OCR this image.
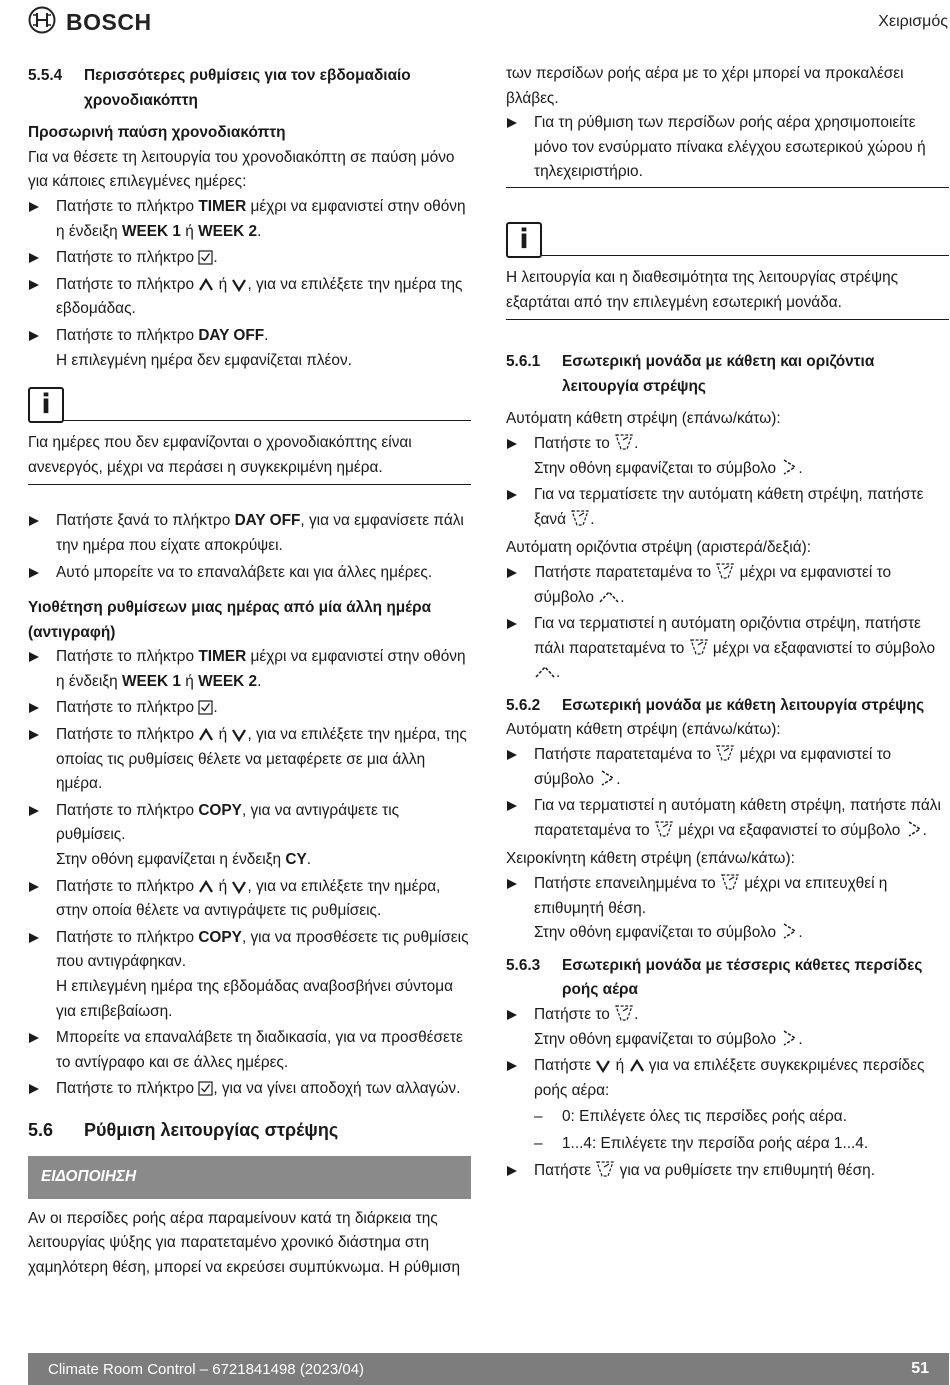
BOSCH	Χειρισμός
5.5.4	Περισσότερες ρυθμίσεις για τον εβδομαδιαίο χρονοδιακόπτη

Προσωρινή παύση χρονοδιακόπτη

Για να θέσετε τη λειτουργία του χρονοδιακόπτη σε παύση μόνο για κάποιες επιλεγμένες ημέρες:

Πατήστε το πλήκτρο TIMER μέχρι να εμφανιστεί στην οθόνη η ένδειξη WEEK 1 ή WEEK 2.
Πατήστε το πλήκτρο
.
Πατήστε το πλήκτρο
ή
, για να επιλέξετε την ημέρα της εβδομάδας.
Πατήστε το πλήκτρο DAY OFF.
Η επιλεγμένη ημέρα δεν εμφανίζεται πλέον.
i
Για ημέρες που δεν εμφανίζονται ο χρονοδιακόπτης είναι ανενεργός, μέχρι να περάσει η συγκεκριμένη ημέρα.
Πατήστε ξανά το πλήκτρο DAY OFF, για να εμφανίσετε πάλι την ημέρα που είχατε αποκρύψει.
Αυτό μπορείτε να το επαναλάβετε και για άλλες ημέρες.

Υιοθέτηση ρυθμίσεων μιας ημέρας από μία άλλη ημέρα (αντιγραφή)

Πατήστε το πλήκτρο TIMER μέχρι να εμφανιστεί στην οθόνη η ένδειξη WEEK 1 ή WEEK 2.
Πατήστε το πλήκτρο
.
Πατήστε το πλήκτρο
ή
, για να επιλέξετε την ημέρα, της οποίας τις ρυθμίσεις θέλετε να μεταφέρετε σε μια άλλη ημέρα.
Πατήστε το πλήκτρο COPY, για να αντιγράψετε τις ρυθμίσεις.
Στην οθόνη εμφανίζεται η ένδειξη CY.
Πατήστε το πλήκτρο
ή
, για να επιλέξετε την ημέρα, στην οποία θέλετε να αντιγράψετε τις ρυθμίσεις.
Πατήστε το πλήκτρο COPY, για να προσθέσετε τις ρυθμίσεις που αντιγράφηκαν.
Η επιλεγμένη ημέρα της εβδομάδας αναβοσβήνει σύντομα για επιβεβαίωση.
Μπορείτε να επαναλάβετε τη διαδικασία, για να προσθέσετε το αντίγραφο και σε άλλες ημέρες.
Πατήστε το πλήκτρο
, για να γίνει αποδοχή των αλλαγών.
5.6	Ρύθμιση λειτουργίας στρέψης
ΕΙΔΟΠΟΙΗΣΗ

Αν οι περσίδες ροής αέρα παραμείνουν κατά τη διάρκεια της λειτουργίας ψύξης για παρατεταμένο χρονικό διάστημα στη χαμηλότερη θέση, μπορεί να εκρεύσει συμπύκνωμα. Η ρύθμιση

των περσίδων ροής αέρα με το χέρι μπορεί να προκαλέσει βλάβες.

Για τη ρύθμιση των περσίδων ροής αέρα χρησιμοποιείτε μόνο τον ενσύρματο πίνακα ελέγχου εσωτερικού χώρου ή τηλεχειριστήριο.
i
Η λειτουργία και η διαθεσιμότητα της λειτουργίας στρέψης εξαρτάται από την επιλεγμένη εσωτερική μονάδα.
5.6.1	Εσωτερική μονάδα με κάθετη και οριζόντια λειτουργία στρέψης

Αυτόματη κάθετη στρέψη (επάνω/κάτω):

Πατήστε το
.
Στην οθόνη εμφανίζεται το σύμβολο
.
Για να τερματίσετε την αυτόματη κάθετη στρέψη, πατήστε ξανά
.

Αυτόματη οριζόντια στρέψη (αριστερά/δεξιά):

Πατήστε παρατεταμένα το
μέχρι να εμφανιστεί το σύμβολο
.
Για να τερματιστεί η αυτόματη οριζόντια στρέψη, πατήστε πάλι παρατεταμένα το
μέχρι να εξαφανιστεί το σύμβολο
.
5.6.2	Εσωτερική μονάδα με κάθετη λειτουργία στρέψης

Αυτόματη κάθετη στρέψη (επάνω/κάτω):

Πατήστε παρατεταμένα το
μέχρι να εμφανιστεί το σύμβολο
.
Για να τερματιστεί η αυτόματη κάθετη στρέψη, πατήστε πάλι παρατεταμένα το
μέχρι να εξαφανιστεί το σύμβολο
.

Χειροκίνητη κάθετη στρέψη (επάνω/κάτω):

Πατήστε επανειλημμένα το
μέχρι να επιτευχθεί η επιθυμητή θέση.
Στην οθόνη εμφανίζεται το σύμβολο
.
5.6.3	Εσωτερική μονάδα με τέσσερις κάθετες περσίδες ροής αέρα
Πατήστε το
.
Στην οθόνη εμφανίζεται το σύμβολο
.
Πατήστε
ή
για να επιλέξετε συγκεκριμένες περσίδες ροής αέρα:
– 0: Επιλέγετε όλες τις περσίδες ροής αέρα.
– 1...4: Επιλέγετε την περσίδα ροής αέρα 1...4.
Πατήστε
για να ρυθμίσετε την επιθυμητή θέση.
Climate Room Control – 6721841498 (2023/04)	51
